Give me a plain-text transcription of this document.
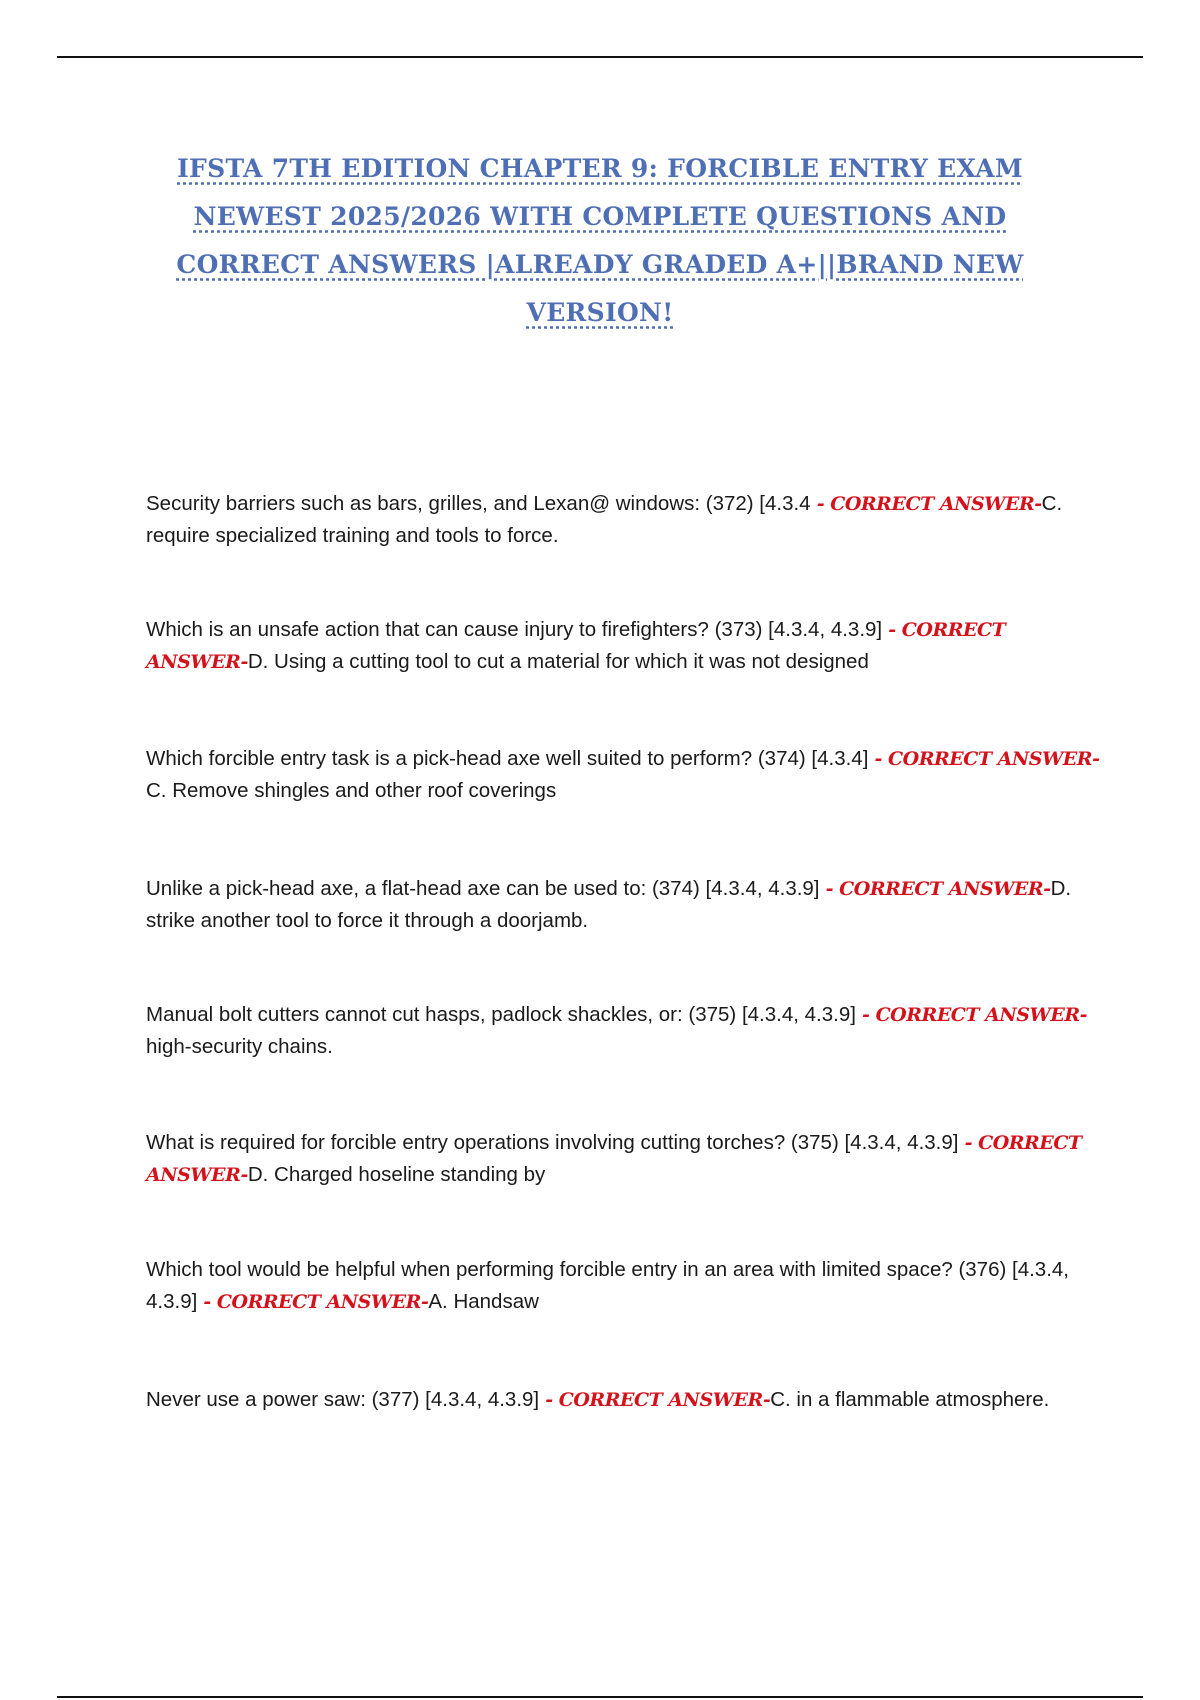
IFSTA 7TH EDITION CHAPTER 9: FORCIBLE ENTRY EXAM NEWEST 2025/2026 WITH COMPLETE QUESTIONS AND CORRECT ANSWERS |ALREADY GRADED A+||BRAND NEW VERSION!
Security barriers such as bars, grilles, and Lexan@ windows: (372) [4.3.4 - CORRECT ANSWER-C. require specialized training and tools to force.
Which is an unsafe action that can cause injury to firefighters? (373) [4.3.4, 4.3.9] - CORRECT ANSWER-D. Using a cutting tool to cut a material for which it was not designed
Which forcible entry task is a pick-head axe well suited to perform? (374) [4.3.4] - CORRECT ANSWER-C. Remove shingles and other roof coverings
Unlike a pick-head axe, a flat-head axe can be used to: (374) [4.3.4, 4.3.9] - CORRECT ANSWER-D. strike another tool to force it through a doorjamb.
Manual bolt cutters cannot cut hasps, padlock shackles, or: (375) [4.3.4, 4.3.9] - CORRECT ANSWER-high-security chains.
What is required for forcible entry operations involving cutting torches? (375) [4.3.4, 4.3.9] - CORRECT ANSWER-D. Charged hoseline standing by
Which tool would be helpful when performing forcible entry in an area with limited space? (376) [4.3.4, 4.3.9] - CORRECT ANSWER-A. Handsaw
Never use a power saw: (377) [4.3.4, 4.3.9] - CORRECT ANSWER-C. in a flammable atmosphere.
